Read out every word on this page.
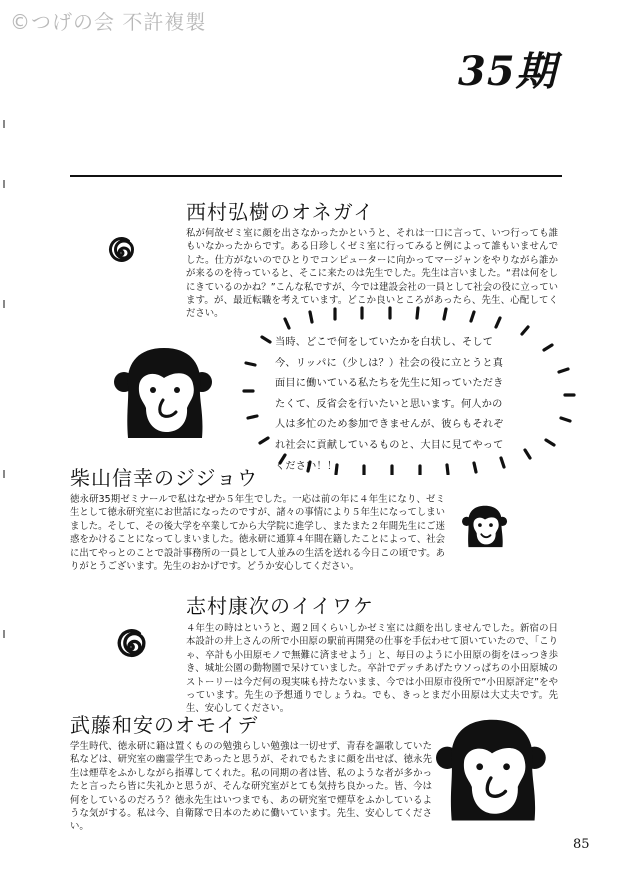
©つげの会 不許複製
35期
西村弘樹のオネガイ
私が何故ゼミ室に顔を出さなかったかというと、それは一口に言って、いつ行っても誰もいなかったからです。ある日珍しくゼミ室に行ってみると例によって誰もいませんでした。仕方がないのでひとりでコンピューターに向かってマージャンをやりながら誰かが来るのを待っていると、そこに来たのは先生でした。先生は言いました。“君は何をしにきているのかね？”こんな私ですが、今では建設会社の一員として社会の役に立っています。が、最近転職を考えています。どこか良いところがあったら、先生、心配してください。
当時、どこで何をしていたかを白状し、そして今、リッパに（少しは？）社会の役に立とうと真面目に働いている私たちを先生に知っていただきたくて、反省会を行いたいと思います。何人かの人は多忙のため参加できませんが、彼らもそれぞれ社会に貢献しているものと、大目に見てやってください！！
柴山信幸のジジョウ
徳永研35期ゼミナールで私はなぜか５年生でした。一応は前の年に４年生になり、ゼミ生として徳永研究室にお世話になったのですが、諸々の事情により５年生になってしまいました。そして、その後大学を卒業してから大学院に進学し、またまた２年間先生にご迷惑をかけることになってしまいました。徳永研に通算４年間在籍したことによって、社会に出てやっとのことで設計事務所の一員として人並みの生活を送れる今日この頃です。ありがとうございます。先生のおかげです。どうか安心してください。
志村康次のイイワケ
４年生の時はというと、週２回くらいしかゼミ室には顔を出しませんでした。新宿の日本設計の井上さんの所で小田原の駅前再開発の仕事を手伝わせて頂いていたので、「こりゃ、卒計も小田原モノで無難に済ませよう」と、毎日のように小田原の街をほっつき歩き、城址公園の動物園で呆けていました。卒計でデッチあげたウソっぱちの小田原城のストーリーは今だ何の現実味も持たないまま、今では小田原市役所で“小田原評定”をやっています。先生の予想通りでしょうね。でも、きっとまだ小田原は大丈夫です。先生、安心してください。
武藤和安のオモイデ
学生時代、徳永研に籍は置くものの勉強らしい勉強は一切せず、青春を謳歌していた私などは、研究室の幽霊学生であったと思うが、それでもたまに顔を出せば、徳永先生は煙草をふかしながら指導してくれた。私の同期の者は皆、私のような者が多かったと言ったら皆に失礼かと思うが、そんな研究室がとても気持ち良かった。皆、今は何をしているのだろう？徳永先生はいつまでも、あの研究室で煙草をふかしているような気がする。私は今、自衛隊で日本のために働いています。先生、安心してください。
85
